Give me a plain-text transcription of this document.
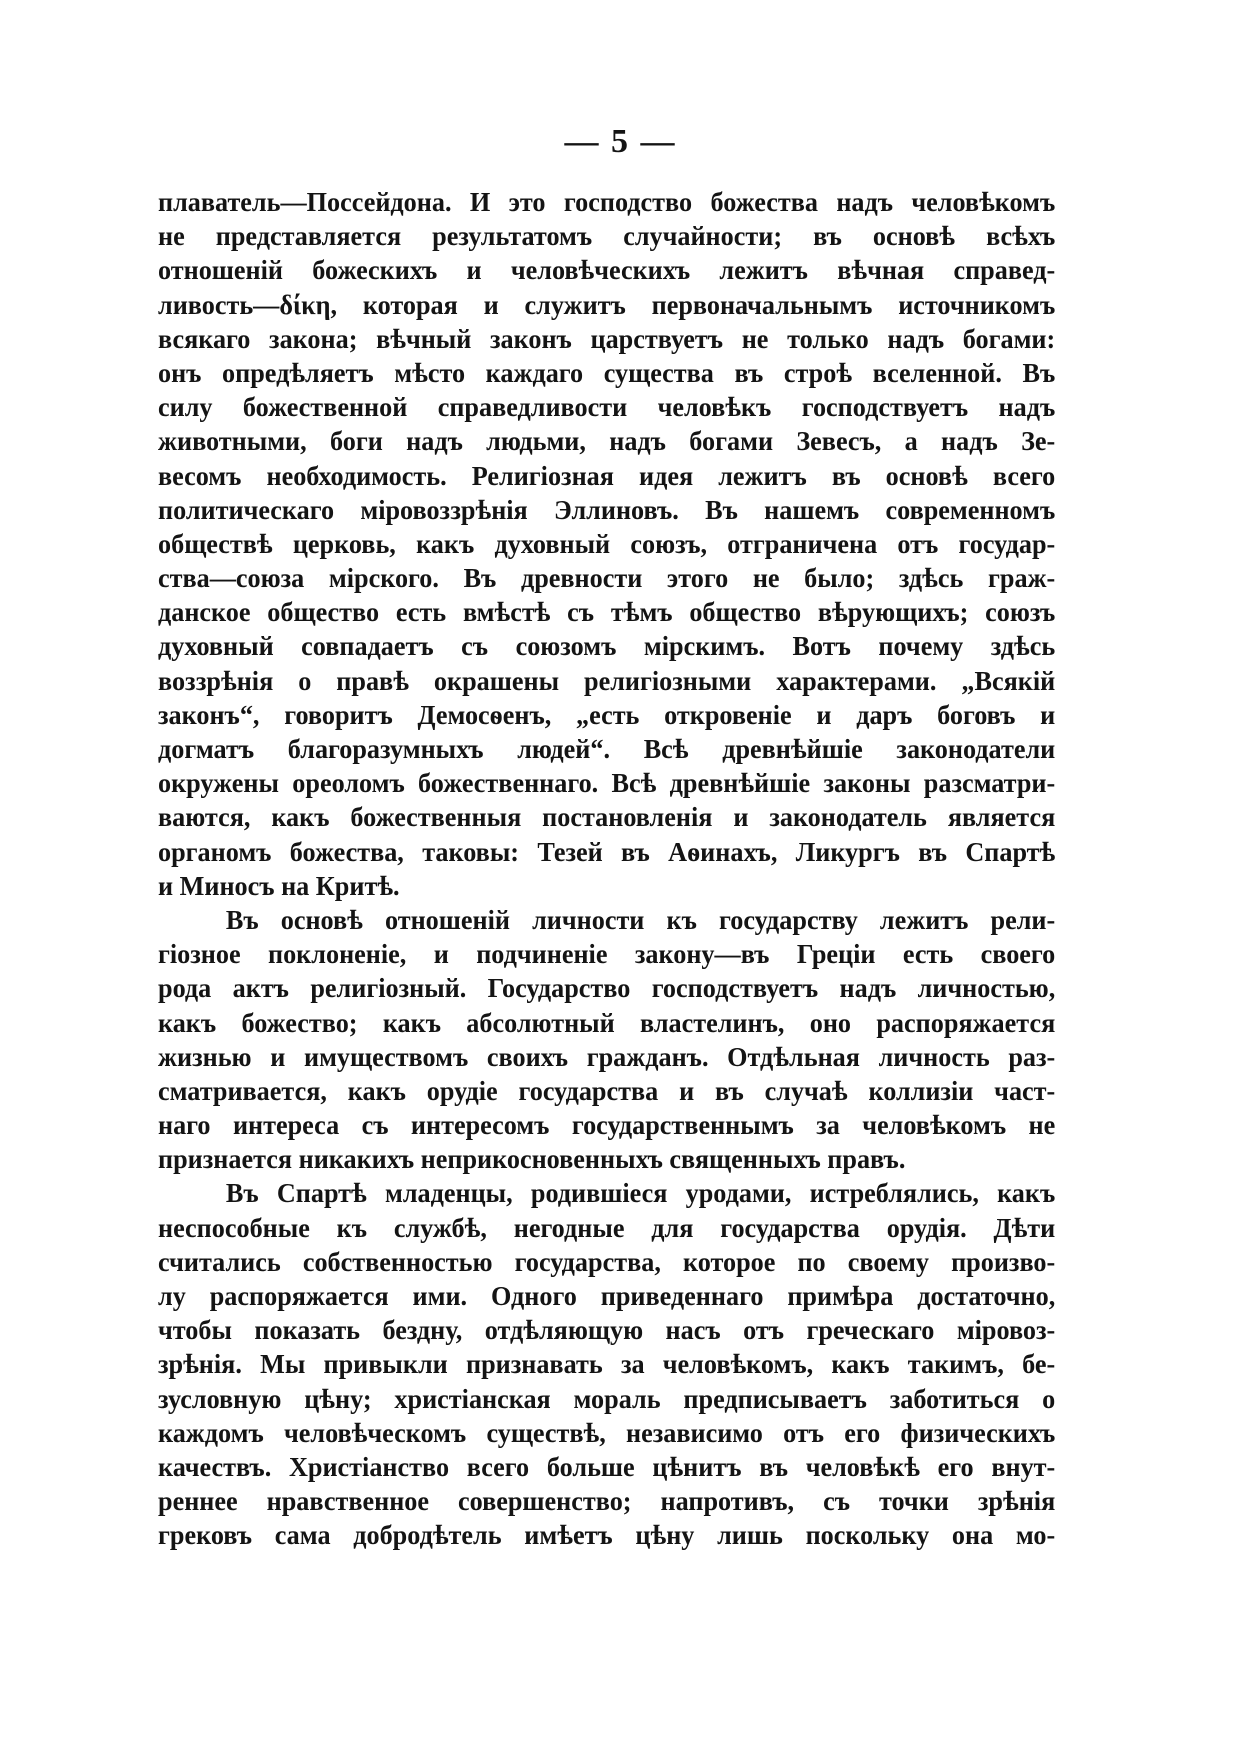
— 5 —

плаватель—Поссейдона. И это господство божества надъ человѣкомъ
не представляется результатомъ случайности; въ основѣ всѣхъ
отношеній божескихъ и человѣческихъ лежитъ вѣчная справед-
ливость—δίκη, которая и служитъ первоначальнымъ источникомъ
всякаго закона; вѣчный законъ царствуетъ не только надъ богами:
онъ опредѣляетъ мѣсто каждаго существа въ строѣ вселенной. Въ
силу божественной справедливости человѣкъ господствуетъ надъ
животными, боги надъ людьми, надъ богами Зевесъ, а надъ Зе-
весомъ необходимость. Религіозная идея лежитъ въ основѣ всего
политическаго міровоззрѣнія Эллиновъ. Въ нашемъ современномъ
обществѣ церковь, какъ духовный союзъ, отграничена отъ государ-
ства—союза мірского. Въ древности этого не было; здѣсь граж-
данское общество есть вмѣстѣ съ тѣмъ общество вѣрующихъ; союзъ
духовный совпадаетъ съ союзомъ мірскимъ. Вотъ почему здѣсь
воззрѣнія о правѣ окрашены религіозными характерами. „Всякій
законъ“, говоритъ Демосѳенъ, „есть откровеніе и даръ боговъ и
догматъ благоразумныхъ людей“. Всѣ древнѣйшіе законодатели
окружены ореоломъ божественнаго. Всѣ древнѣйшіе законы разсматри-
ваются, какъ божественныя постановленія и законодатель является
органомъ божества, таковы: Тезей въ Аѳинахъ, Ликургъ въ Спартѣ
и Миносъ на Критѣ.
Въ основѣ отношеній личности къ государству лежитъ рели-
гіозное поклоненіе, и подчиненіе закону—въ Греціи есть своего
рода актъ религіозный. Государство господствуетъ надъ личностью,
какъ божество; какъ абсолютный властелинъ, оно распоряжается
жизнью и имуществомъ своихъ гражданъ. Отдѣльная личность раз-
сматривается, какъ орудіе государства и въ случаѣ коллизіи част-
наго интереса съ интересомъ государственнымъ за человѣкомъ не
признается никакихъ неприкосновенныхъ священныхъ правъ.
Въ Спартѣ младенцы, родившіеся уродами, истреблялись, какъ
неспособные къ службѣ, негодные для государства орудія. Дѣти
считались собственностью государства, которое по своему произво-
лу распоряжается ими. Одного приведеннаго примѣра достаточно,
чтобы показать бездну, отдѣляющую насъ отъ греческаго міровоз-
зрѣнія. Мы привыкли признавать за человѣкомъ, какъ такимъ, бе-
зусловную цѣну; христіанская мораль предписываетъ заботиться о
каждомъ человѣческомъ существѣ, независимо отъ его физическихъ
качествъ. Христіанство всего больше цѣнитъ въ человѣкѣ его внут-
реннее нравственное совершенство; напротивъ, съ точки зрѣнія
грековъ сама добродѣтель имѣетъ цѣну лишь поскольку она мо-
